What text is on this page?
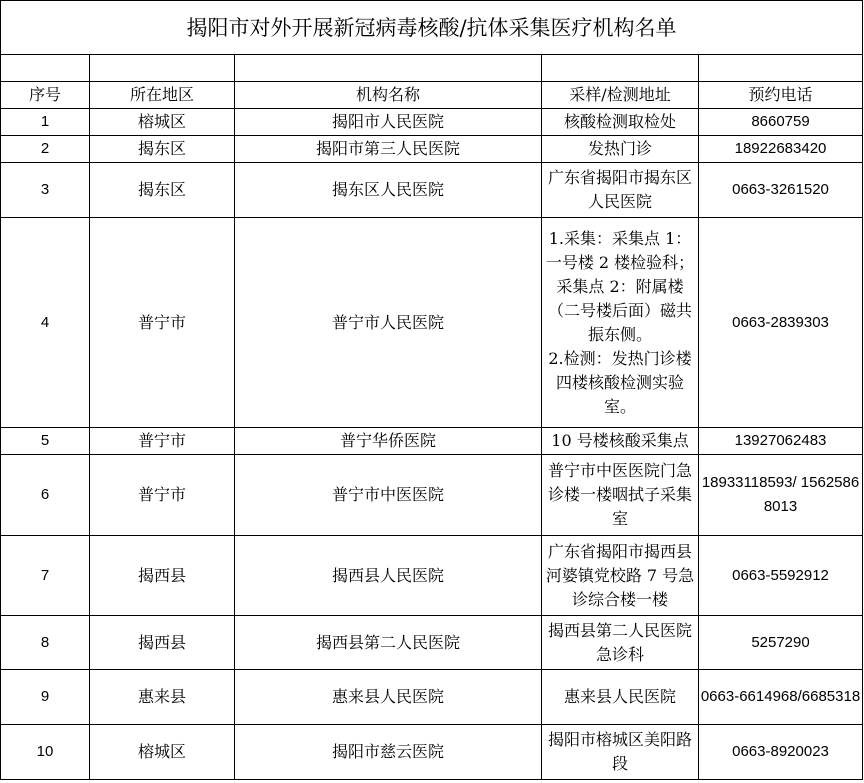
揭阳市对外开展新冠病毒核酸/抗体采集医疗机构名单				

序号	所在地区	机构名称	采样/检测地址	预约电话
1	榕城区	揭阳市人民医院	核酸检测取检处	8660759
2	揭东区	揭阳市第三人民医院	发热门诊	18922683420
3	揭东区	揭东区人民医院	广东省揭阳市揭东区人民医院	0663-3261520
4	普宁市	普宁市人民医院	1.采集：采集点 1：一号楼 2 楼检验科；采集点 2：附属楼（二号楼后面）磁共振东侧。
2.检测：发热门诊楼四楼核酸检测实验室。	0663-2839303
5	普宁市	普宁华侨医院	10 号楼核酸采集点	13927062483
6	普宁市	普宁市中医医院	普宁市中医医院门急诊楼一楼咽拭子采集室	18933118593/ 15625868013
7	揭西县	揭西县人民医院	广东省揭阳市揭西县河婆镇党校路 7 号急诊综合楼一楼	0663-5592912
8	揭西县	揭西县第二人民医院	揭西县第二人民医院急诊科	5257290
9	惠来县	惠来县人民医院	惠来县人民医院	0663-6614968/6685318
10	榕城区	揭阳市慈云医院	揭阳市榕城区美阳路段	0663-8920023
